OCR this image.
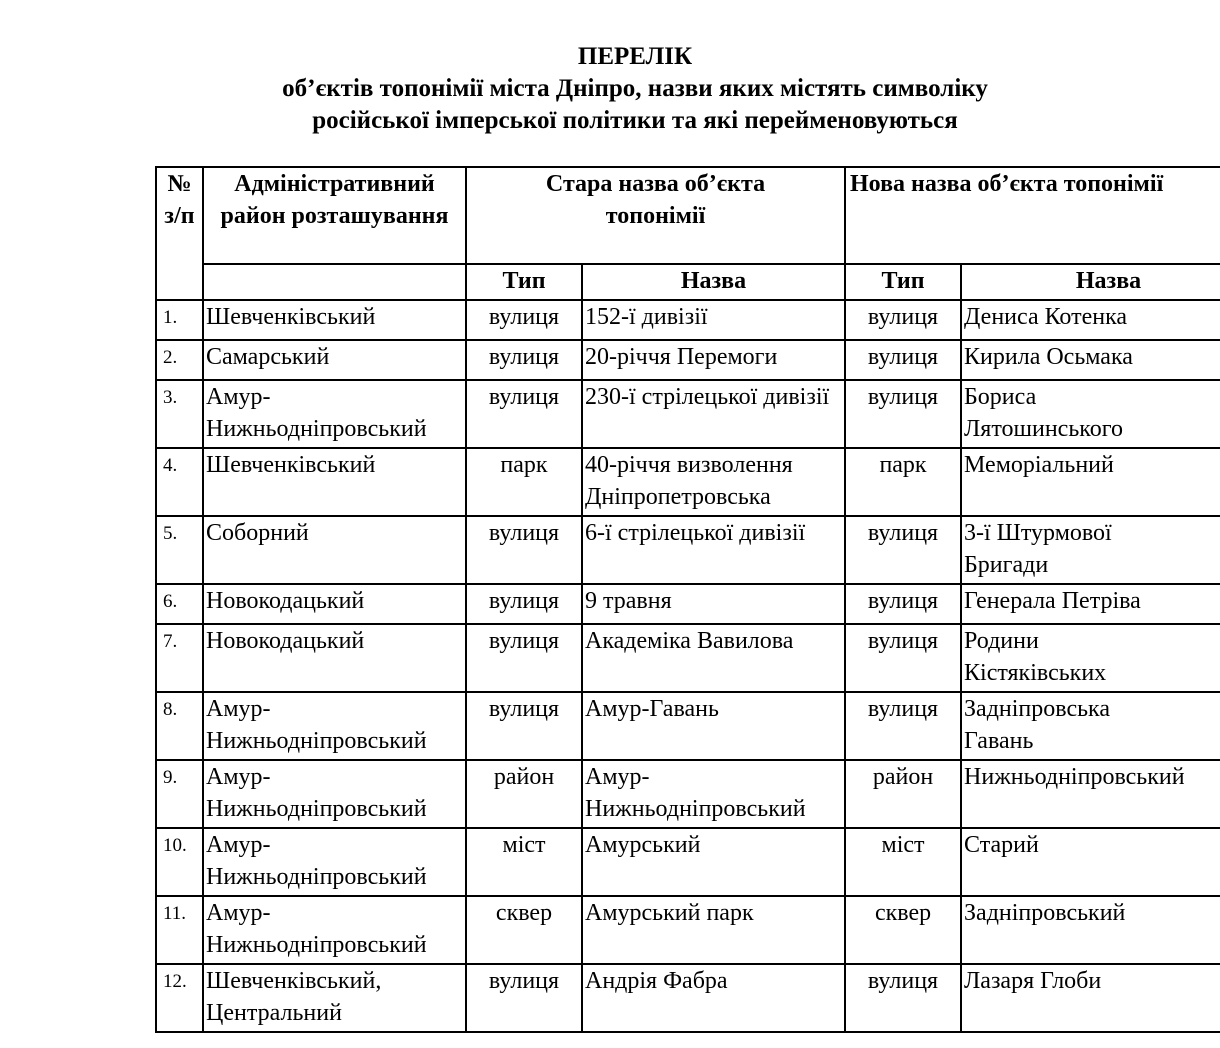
ПЕРЕЛІК
об’єктів топонімії міста Дніпро, назви яких містять символіку
російської імперської політики та які перейменовуються
№ з/п	Адміністративний район розташування	Стара назва об’єкта топонімії		Нова назва об’єкта топонімії	
		Тип	Назва	Тип	Назва
1.	Шевченківський	вулиця	152-ї дивізії	вулиця	Дениса Котенка
2.	Самарський	вулиця	20-річчя Перемоги	вулиця	Кирила Осьмака
3.	Амур-Нижньодніпровський	вулиця	230-ї стрілецької дивізії	вулиця	Бориса Лятошинського
4.	Шевченківський	парк	40-річчя визволення Дніпропетровська	парк	Меморіальний
5.	Соборний	вулиця	6-ї стрілецької дивізії	вулиця	3-ї Штурмової Бригади
6.	Новокодацький	вулиця	9 травня	вулиця	Генерала Петріва
7.	Новокодацький	вулиця	Академіка Вавилова	вулиця	Родини Кістяківських
8.	Амур-Нижньодніпровський	вулиця	Амур-Гавань	вулиця	Задніпровська Гавань
9.	Амур-Нижньодніпровський	район	Амур-Нижньодніпровський	район	Нижньодніпровський
10.	Амур-Нижньодніпровський	міст	Амурський	міст	Старий
11.	Амур-Нижньодніпровський	сквер	Амурський парк	сквер	Задніпровський
12.	Шевченківський, Центральний	вулиця	Андрія Фабра	вулиця	Лазаря Глоби
